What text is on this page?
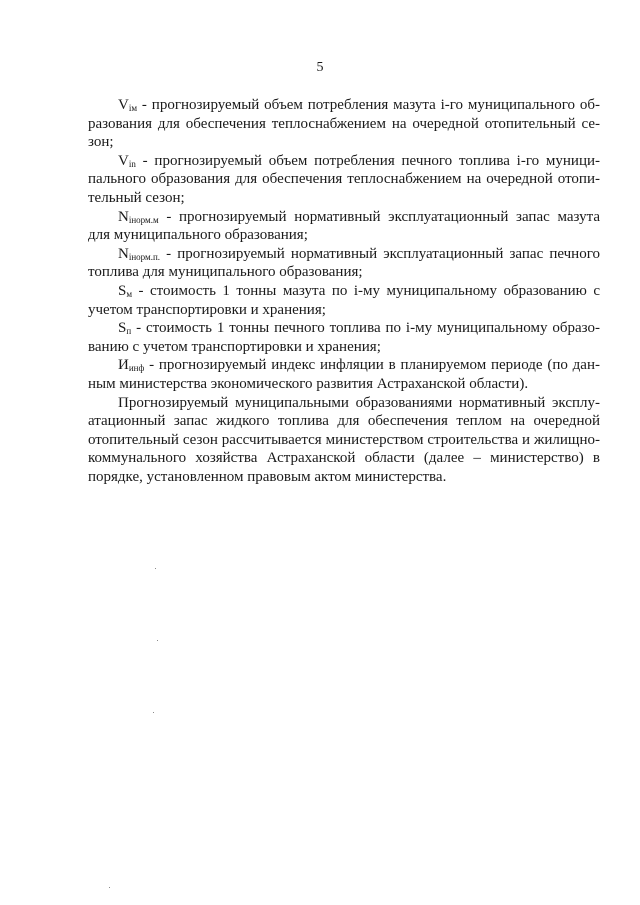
5

$V_{iм}$ - прогнозируемый объем потребления мазута i-го муниципального образования для обеспечения теплоснабжением на очередной отопительный сезон;

$V_{in}$ - прогнозируемый объем потребления печного топлива i-го муниципального образования для обеспечения теплоснабжением на очередной отопительный сезон;

$N_{iнорм.м}$ - прогнозируемый нормативный эксплуатационный запас мазута для муниципального образования;

$N_{iнорм.п.}$ - прогнозируемый нормативный эксплуатационный запас печного топлива для муниципального образования;

$S_м$ - стоимость 1 тонны мазута по i-му муниципальному образованию с учетом транспортировки и хранения;

$S_п$ - стоимость 1 тонны печного топлива по i-му муниципальному образованию с учетом транспортировки и хранения;

$И_{инф}$ - прогнозируемый индекс инфляции в планируемом периоде (по данным министерства экономического развития Астраханской области).

Прогнозируемый муниципальными образованиями нормативный эксплуатационный запас жидкого топлива для обеспечения теплом на очередной отопительный сезон рассчитывается министерством строительства и жилищно-коммунального хозяйства Астраханской области (далее – министерство) в порядке, установленном правовым актом министерства.
